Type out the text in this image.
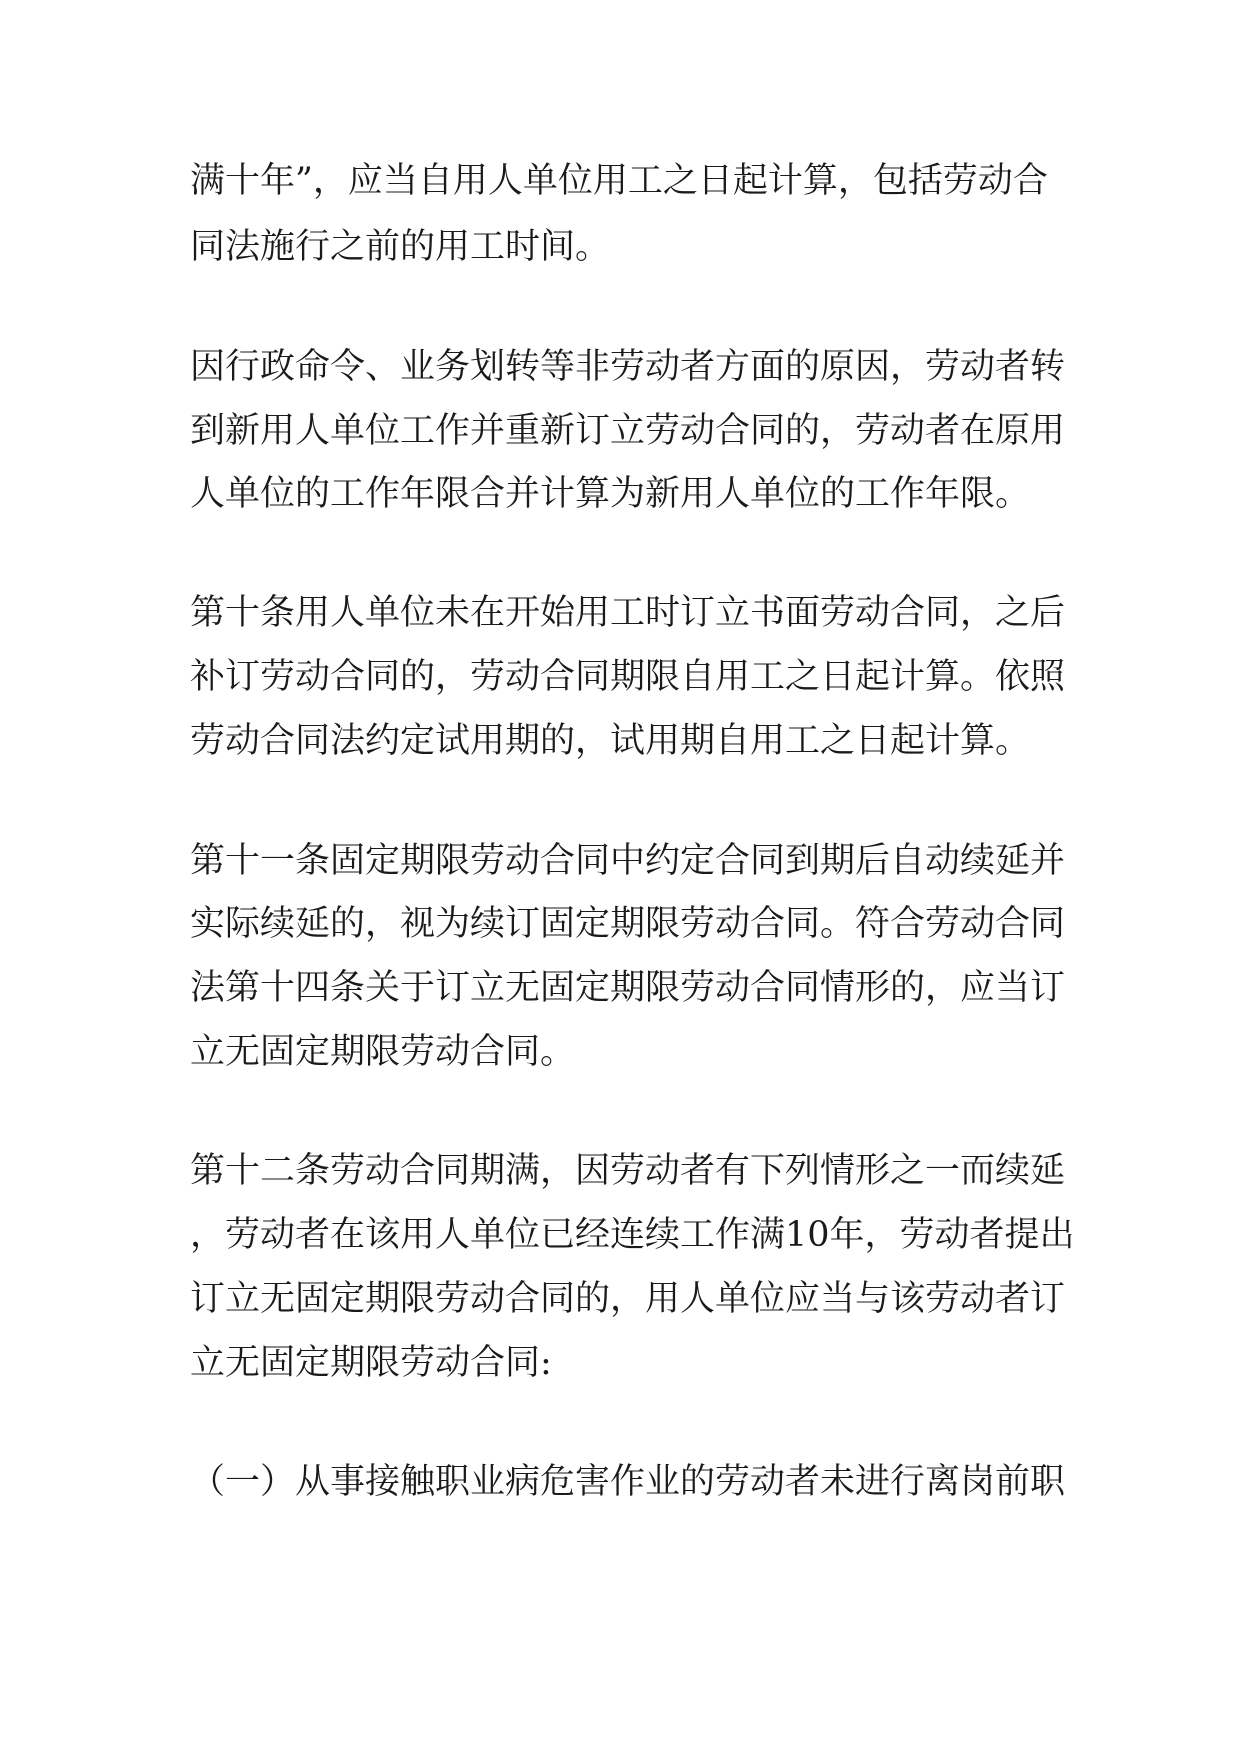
满十年”，应当自用人单位用工之日起计算，包括劳动合
同法施行之前的用工时间。
因行政命令、业务划转等非劳动者方面的原因，劳动者转
到新用人单位工作并重新订立劳动合同的，劳动者在原用
人单位的工作年限合并计算为新用人单位的工作年限。
第十条用人单位未在开始用工时订立书面劳动合同，之后
补订劳动合同的，劳动合同期限自用工之日起计算。依照
劳动合同法约定试用期的，试用期自用工之日起计算。
第十一条固定期限劳动合同中约定合同到期后自动续延并
实际续延的，视为续订固定期限劳动合同。符合劳动合同
法第十四条关于订立无固定期限劳动合同情形的，应当订
立无固定期限劳动合同。
第十二条劳动合同期满，因劳动者有下列情形之一而续延
，劳动者在该用人单位已经连续工作满10年，劳动者提出
订立无固定期限劳动合同的，用人单位应当与该劳动者订
立无固定期限劳动合同:
（一）从事接触职业病危害作业的劳动者未进行离岗前职
